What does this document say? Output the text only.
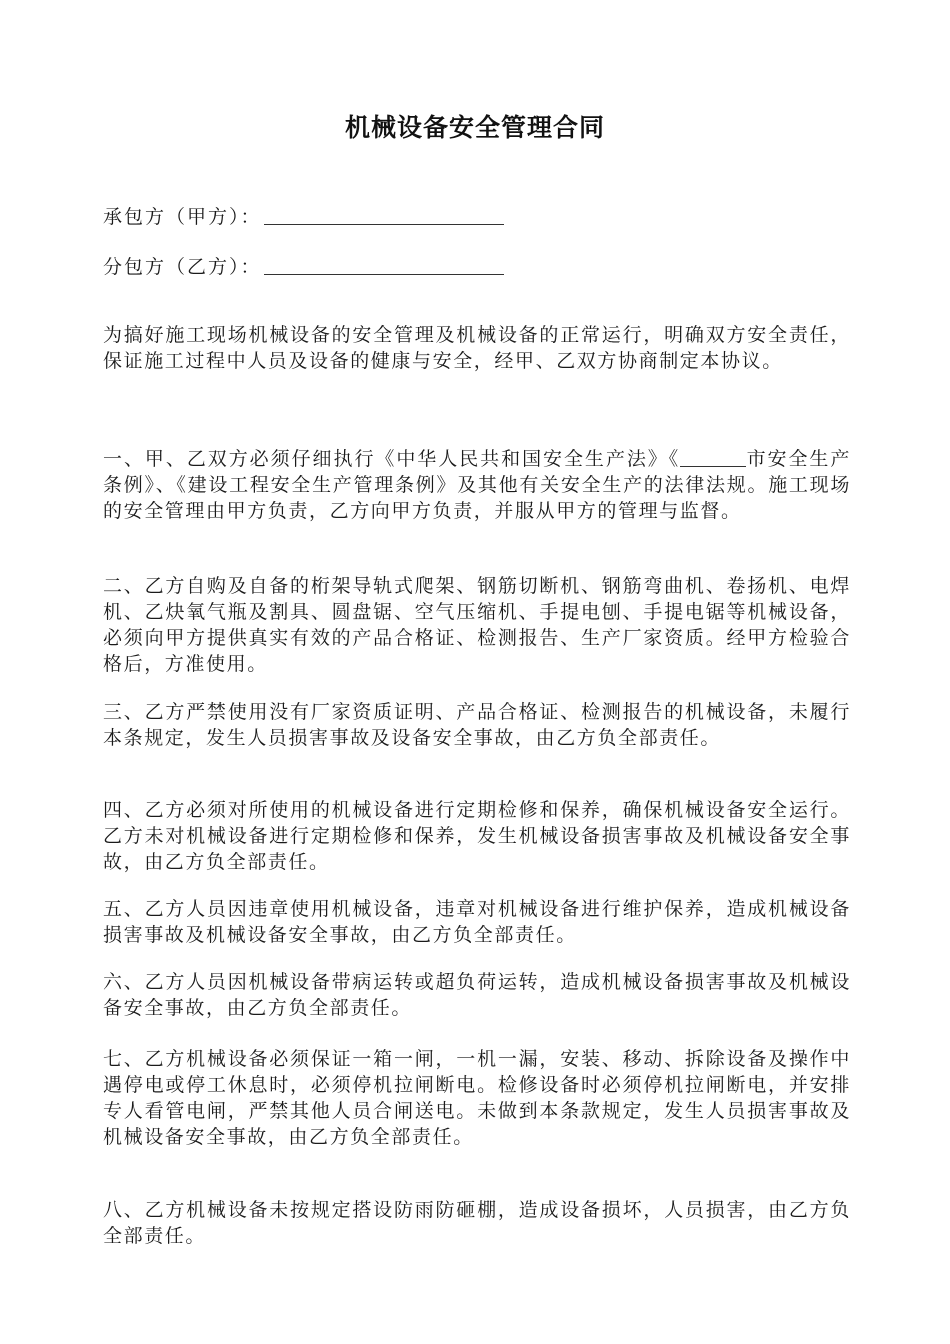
机械设备安全管理合同
承包方（甲方）：
分包方（乙方）：

为搞好施工现场机械设备的安全管理及机械设备的正常运行，明确双方安全责任，保证施工过程中人员及设备的健康与安全，经甲、乙双方协商制定本协议。

一、甲、乙双方必须仔细执行《中华人民共和国安全生产法》《	市安全生产条例》、《建设工程安全生产管理条例》及其他有关安全生产的法律法规。施工现场的安全管理由甲方负责，乙方向甲方负责，并服从甲方的管理与监督。

二、乙方自购及自备的桁架导轨式爬架、钢筋切断机、钢筋弯曲机、卷扬机、电焊机、乙炔氧气瓶及割具、圆盘锯、空气压缩机、手提电刨、手提电锯等机械设备，必须向甲方提供真实有效的产品合格证、检测报告、生产厂家资质。经甲方检验合格后，方准使用。

三、乙方严禁使用没有厂家资质证明、产品合格证、检测报告的机械设备，未履行本条规定，发生人员损害事故及设备安全事故，由乙方负全部责任。

四、乙方必须对所使用的机械设备进行定期检修和保养，确保机械设备安全运行。乙方未对机械设备进行定期检修和保养，发生机械设备损害事故及机械设备安全事故，由乙方负全部责任。

五、乙方人员因违章使用机械设备，违章对机械设备进行维护保养，造成机械设备损害事故及机械设备安全事故，由乙方负全部责任。

六、乙方人员因机械设备带病运转或超负荷运转，造成机械设备损害事故及机械设备安全事故，由乙方负全部责任。

七、乙方机械设备必须保证一箱一闸，一机一漏，安装、移动、拆除设备及操作中遇停电或停工休息时，必须停机拉闸断电。检修设备时必须停机拉闸断电，并安排专人看管电闸，严禁其他人员合闸送电。未做到本条款规定，发生人员损害事故及机械设备安全事故，由乙方负全部责任。

八、乙方机械设备未按规定搭设防雨防砸棚，造成设备损坏，人员损害，由乙方负全部责任。
